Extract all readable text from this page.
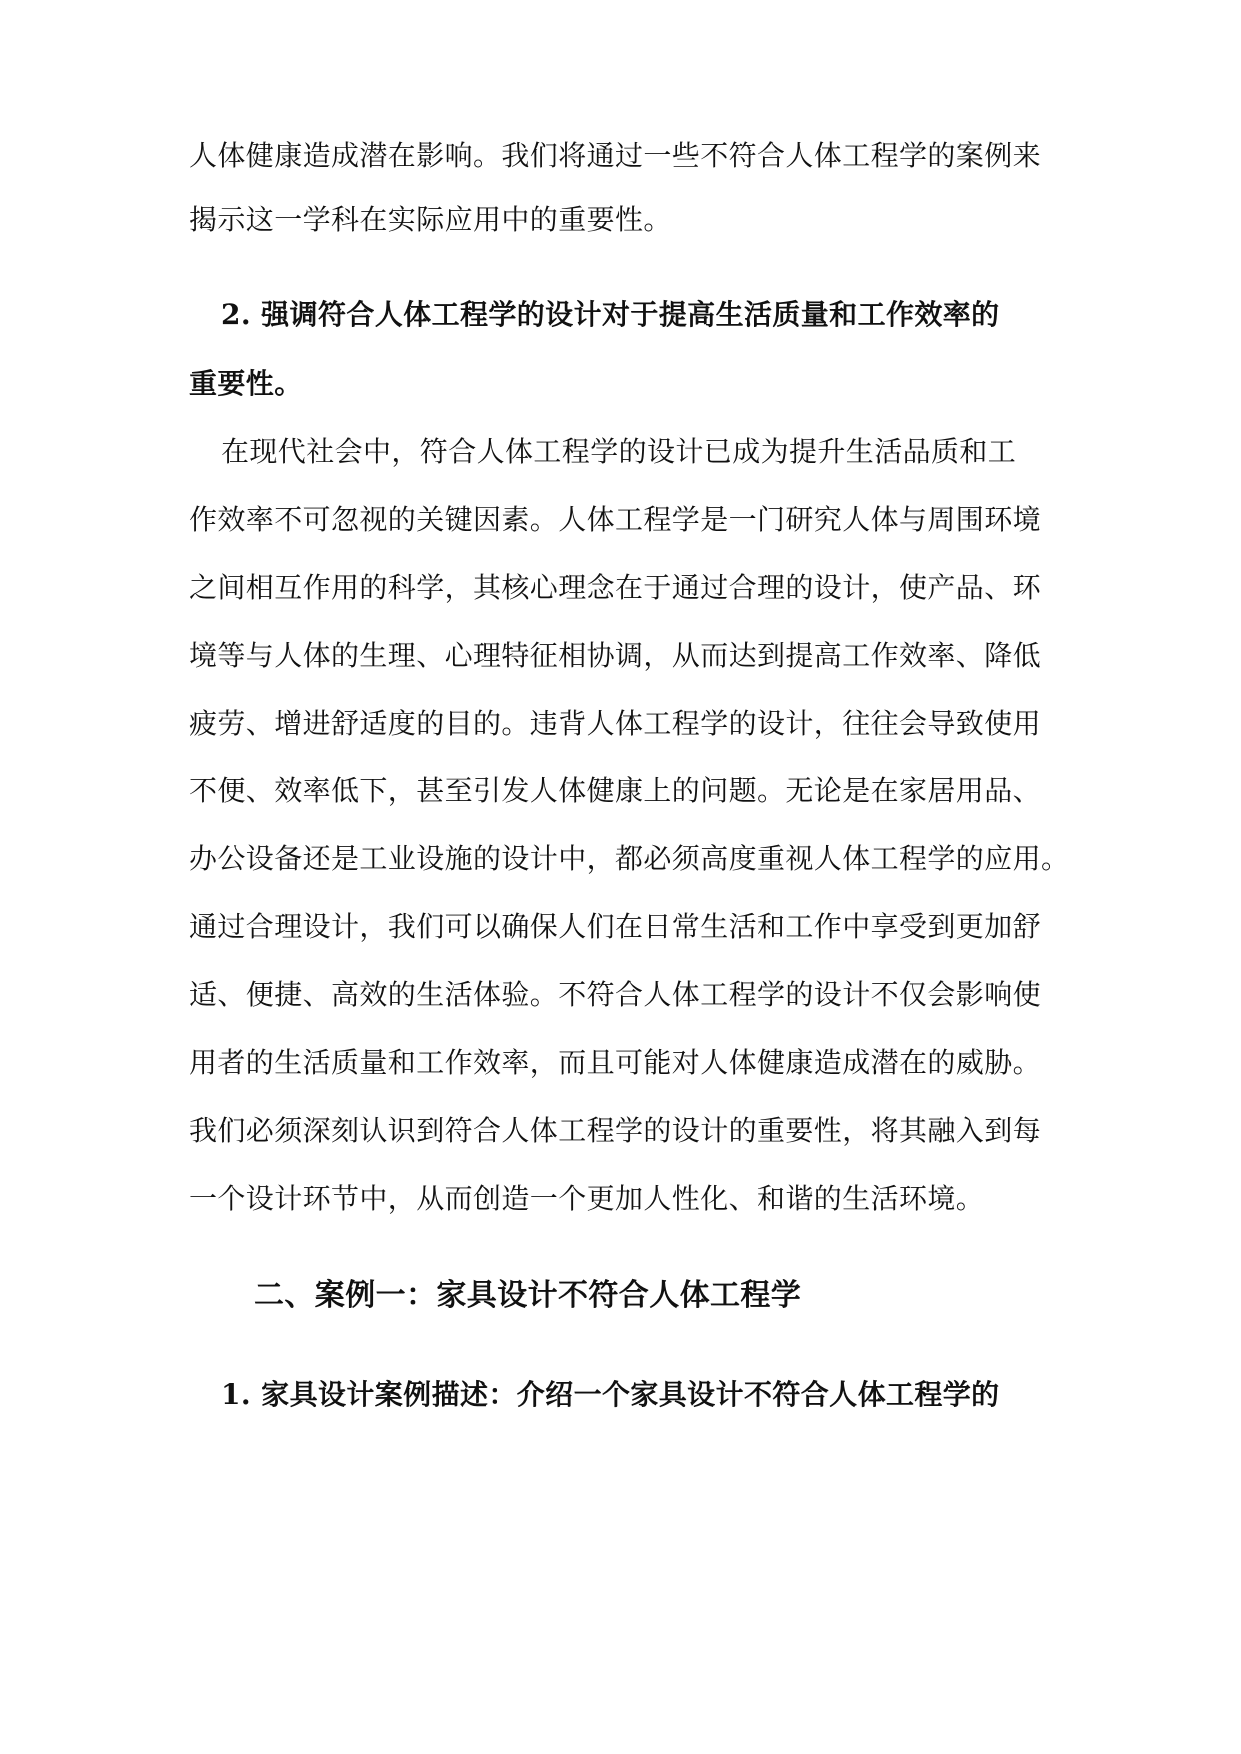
人体健康造成潜在影响。我们将通过一些不符合人体工程学的案例来
揭示这一学科在实际应用中的重要性。
2. 强调符合人体工程学的设计对于提高生活质量和工作效率的
重要性。
在现代社会中，符合人体工程学的设计已成为提升生活品质和工
作效率不可忽视的关键因素。人体工程学是一门研究人体与周围环境
之间相互作用的科学，其核心理念在于通过合理的设计，使产品、环
境等与人体的生理、心理特征相协调，从而达到提高工作效率、降低
疲劳、增进舒适度的目的。违背人体工程学的设计，往往会导致使用
不便、效率低下，甚至引发人体健康上的问题。无论是在家居用品、
办公设备还是工业设施的设计中，都必须高度重视人体工程学的应用。
通过合理设计，我们可以确保人们在日常生活和工作中享受到更加舒
适、便捷、高效的生活体验。不符合人体工程学的设计不仅会影响使
用者的生活质量和工作效率，而且可能对人体健康造成潜在的威胁。
我们必须深刻认识到符合人体工程学的设计的重要性，将其融入到每
一个设计环节中，从而创造一个更加人性化、和谐的生活环境。
二、案例一：家具设计不符合人体工程学
1. 家具设计案例描述：介绍一个家具设计不符合人体工程学的
